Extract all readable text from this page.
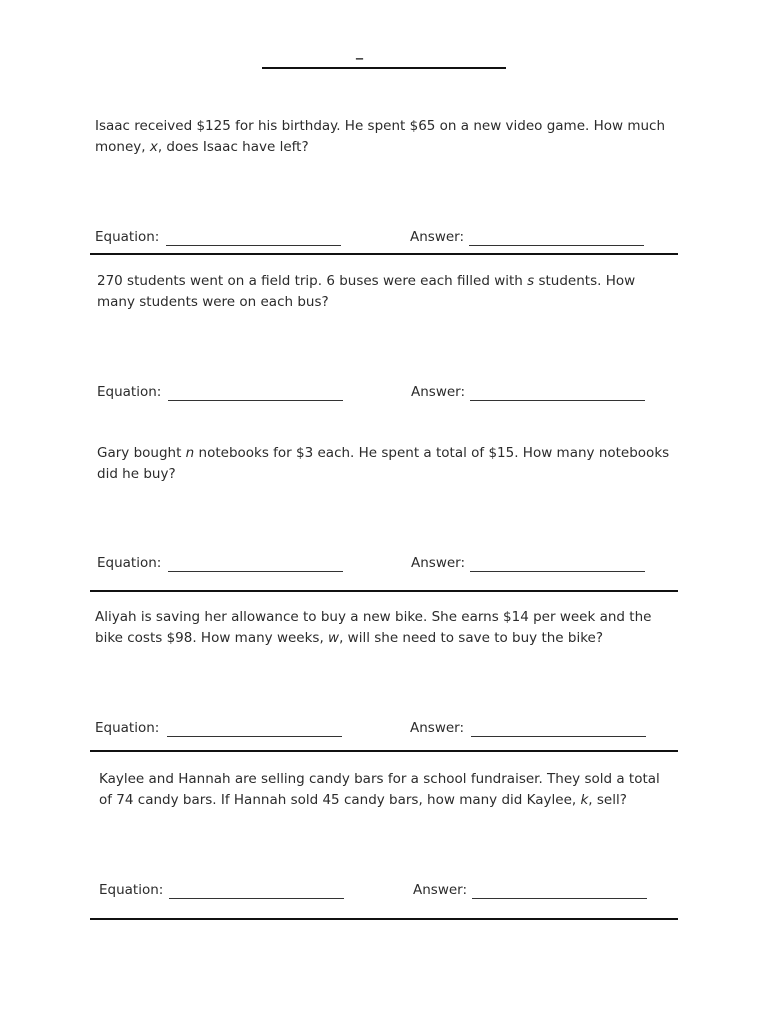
–

Isaac received $125 for his birthday. He spent $65 on a new video game. How much money, x, does Isaac have left?

Equation:	Answer:

270 students went on a field trip. 6 buses were each filled with s students. How many students were on each bus?

Equation:	Answer:

Gary bought n notebooks for $3 each. He spent a total of $15. How many notebooks did he buy?

Equation:	Answer:

Aliyah is saving her allowance to buy a new bike. She earns $14 per week and the bike costs $98. How many weeks, w, will she need to save to buy the bike?

Equation:	Answer:

Kaylee and Hannah are selling candy bars for a school fundraiser. They sold a total of 74 candy bars. If Hannah sold 45 candy bars, how many did Kaylee, k, sell?

Equation:	Answer:
